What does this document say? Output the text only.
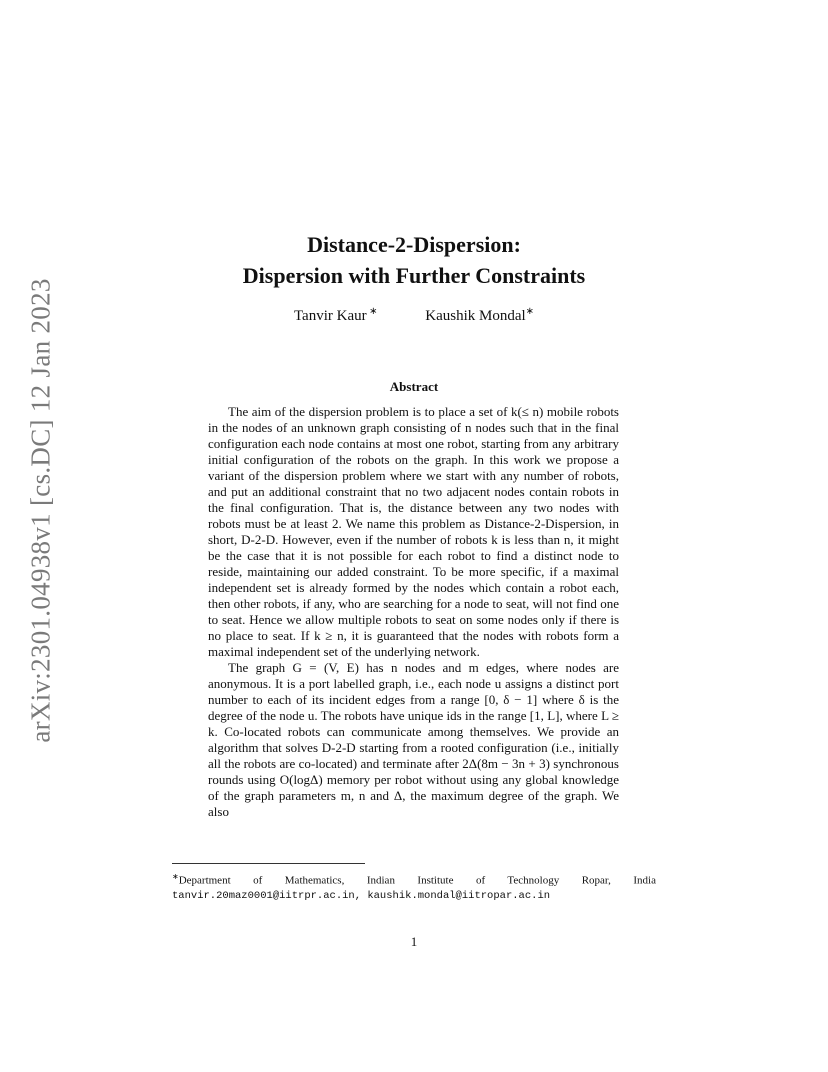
arXiv:2301.04938v1 [cs.DC] 12 Jan 2023
Distance-2-Dispersion:
Dispersion with Further Constraints
Tanvir Kaur ∗	Kaushik Mondal∗
Abstract

The aim of the dispersion problem is to place a set of k(≤ n) mobile robots in the nodes of an unknown graph consisting of n nodes such that in the final configuration each node contains at most one robot, starting from any arbitrary initial configuration of the robots on the graph. In this work we propose a variant of the dispersion problem where we start with any number of robots, and put an additional constraint that no two adjacent nodes contain robots in the final configuration. That is, the distance between any two nodes with robots must be at least 2. We name this problem as Distance-2-Dispersion, in short, D-2-D. However, even if the number of robots k is less than n, it might be the case that it is not possible for each robot to find a distinct node to reside, maintaining our added constraint. To be more specific, if a maximal independent set is already formed by the nodes which contain a robot each, then other robots, if any, who are searching for a node to seat, will not find one to seat. Hence we allow multiple robots to seat on some nodes only if there is no place to seat. If k ≥ n, it is guaranteed that the nodes with robots form a maximal independent set of the underlying network.

The graph G = (V, E) has n nodes and m edges, where nodes are anonymous. It is a port labelled graph, i.e., each node u assigns a distinct port number to each of its incident edges from a range [0, δ − 1] where δ is the degree of the node u. The robots have unique ids in the range [1, L], where L ≥ k. Co-located robots can communicate among themselves. We provide an algorithm that solves D-2-D starting from a rooted configuration (i.e., initially all the robots are co-located) and terminate after 2Δ(8m − 3n + 3) synchronous rounds using O(logΔ) memory per robot without using any global knowledge of the graph parameters m, n and Δ, the maximum degree of the graph. We also

∗Department of Mathematics, Indian Institute of Technology Ropar, India
tanvir.20maz0001@iitrpr.ac.in, kaushik.mondal@iitropar.ac.in
1
